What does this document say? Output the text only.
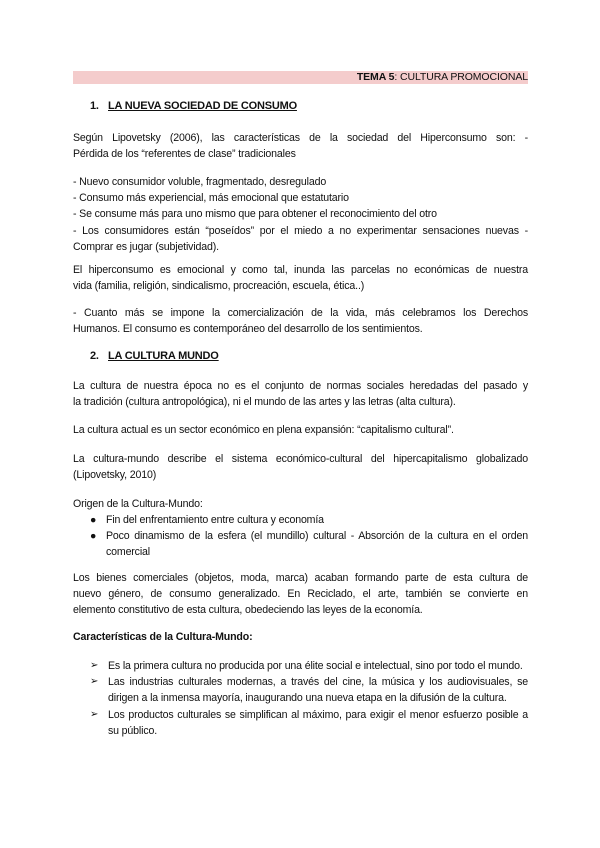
TEMA 5: CULTURA PROMOCIONAL
1. LA NUEVA SOCIEDAD DE CONSUMO
Según Lipovetsky (2006), las características de la sociedad del Hiperconsumo son: -
Pérdida de los “referentes de clase” tradicionales
- Nuevo consumidor voluble, fragmentado, desregulado
- Consumo más experiencial, más emocional que estatutario
- Se consume más para uno mismo que para obtener el reconocimiento del otro
- Los consumidores están “poseídos” por el miedo a no experimentar sensaciones nuevas -
Comprar es jugar (subjetividad).
El hiperconsumo es emocional y como tal, inunda las parcelas no económicas de nuestra
vida (familia, religión, sindicalismo, procreación, escuela, ética..)
- Cuanto más se impone la comercialización de la vida, más celebramos los Derechos
Humanos. El consumo es contemporáneo del desarrollo de los sentimientos.
2. LA CULTURA MUNDO
La cultura de nuestra época no es el conjunto de normas sociales heredadas del pasado y
la tradición (cultura antropológica), ni el mundo de las artes y las letras (alta cultura).
La cultura actual es un sector económico en plena expansión: “capitalismo cultural”.
La cultura-mundo describe el sistema económico-cultural del hipercapitalismo globalizado
(Lipovetsky, 2010)
Origen de la Cultura-Mundo:
● Fin del enfrentamiento entre cultura y economía
● Poco dinamismo de la esfera (el mundillo) cultural - Absorción de la cultura en el orden comercial
Los bienes comerciales (objetos, moda, marca) acaban formando parte de esta cultura de
nuevo género, de consumo generalizado. En Reciclado, el arte, también se convierte en
elemento constitutivo de esta cultura, obedeciendo las leyes de la economía.
Características de la Cultura-Mundo:
➢ Es la primera cultura no producida por una élite social e intelectual, sino por todo el mundo.
➢ Las industrias culturales modernas, a través del cine, la música y los audiovisuales, se dirigen a la inmensa mayoría, inaugurando una nueva etapa en la difusión de la cultura.
➢ Los productos culturales se simplifican al máximo, para exigir el menor esfuerzo posible a su público.
